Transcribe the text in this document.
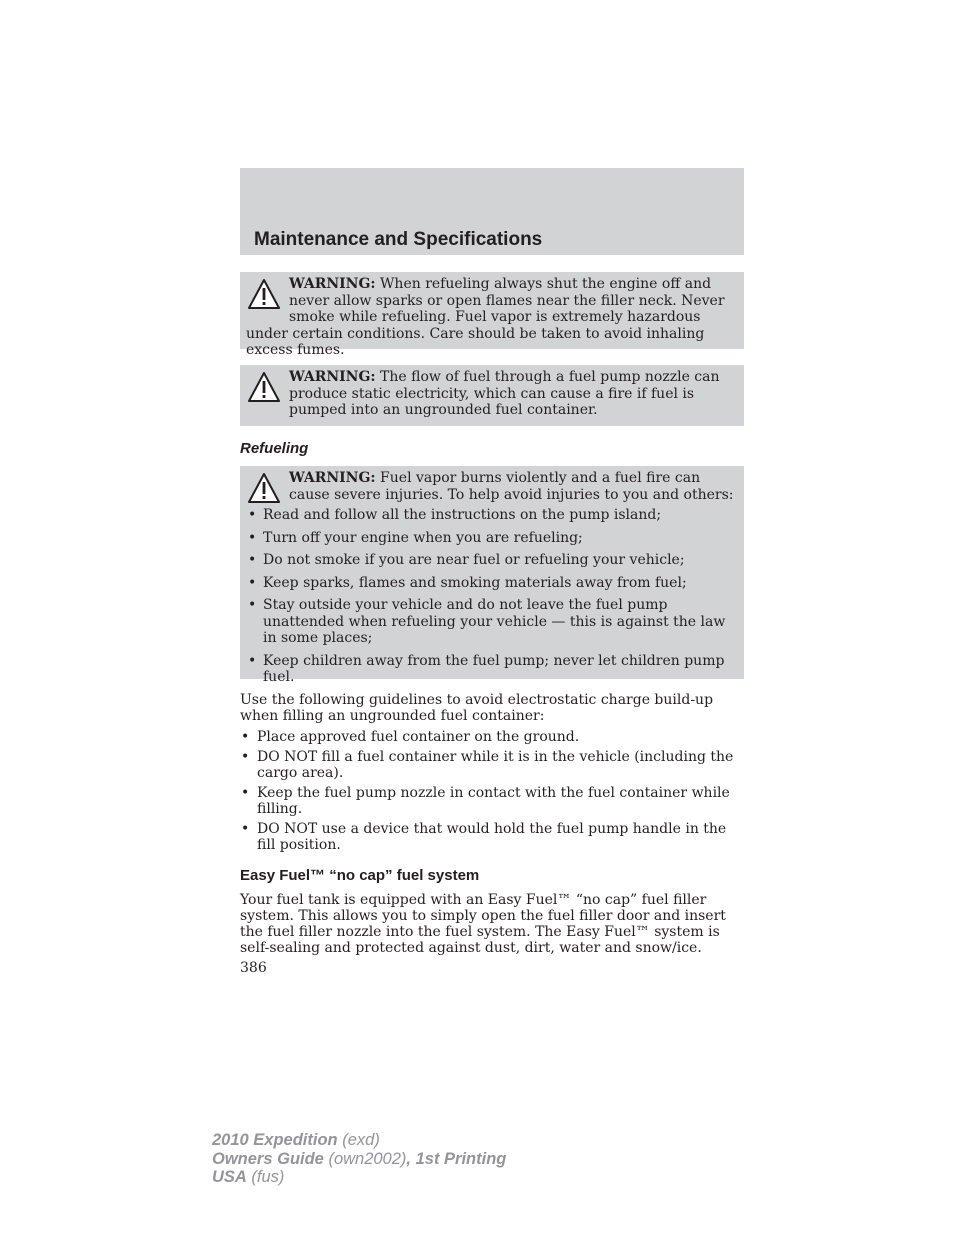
Maintenance and Specifications

WARNING: When refueling always shut the engine off and never allow sparks or open flames near the filler neck. Never smoke while refueling. Fuel vapor is extremely hazardous under certain conditions. Care should be taken to avoid inhaling excess fumes.

WARNING: The flow of fuel through a fuel pump nozzle can produce static electricity, which can cause a fire if fuel is pumped into an ungrounded fuel container.

Refueling

WARNING: Fuel vapor burns violently and a fuel fire can cause severe injuries. To help avoid injuries to you and others:

• Read and follow all the instructions on the pump island;
• Turn off your engine when you are refueling;
• Do not smoke if you are near fuel or refueling your vehicle;
• Keep sparks, flames and smoking materials away from fuel;
• Stay outside your vehicle and do not leave the fuel pump unattended when refueling your vehicle — this is against the law in some places;
• Keep children away from the fuel pump; never let children pump fuel.

Use the following guidelines to avoid electrostatic charge build-up when filling an ungrounded fuel container:

• Place approved fuel container on the ground.
• DO NOT fill a fuel container while it is in the vehicle (including the cargo area).
• Keep the fuel pump nozzle in contact with the fuel container while filling.
• DO NOT use a device that would hold the fuel pump handle in the fill position.
Easy Fuel™ “no cap” fuel system

Your fuel tank is equipped with an Easy Fuel™ “no cap” fuel filler system. This allows you to simply open the fuel filler door and insert the fuel filler nozzle into the fuel system. The Easy Fuel™ system is self-sealing and protected against dust, dirt, water and snow/ice.

386
2010 Expedition (exd)
Owners Guide (own2002), 1st Printing
USA (fus)
